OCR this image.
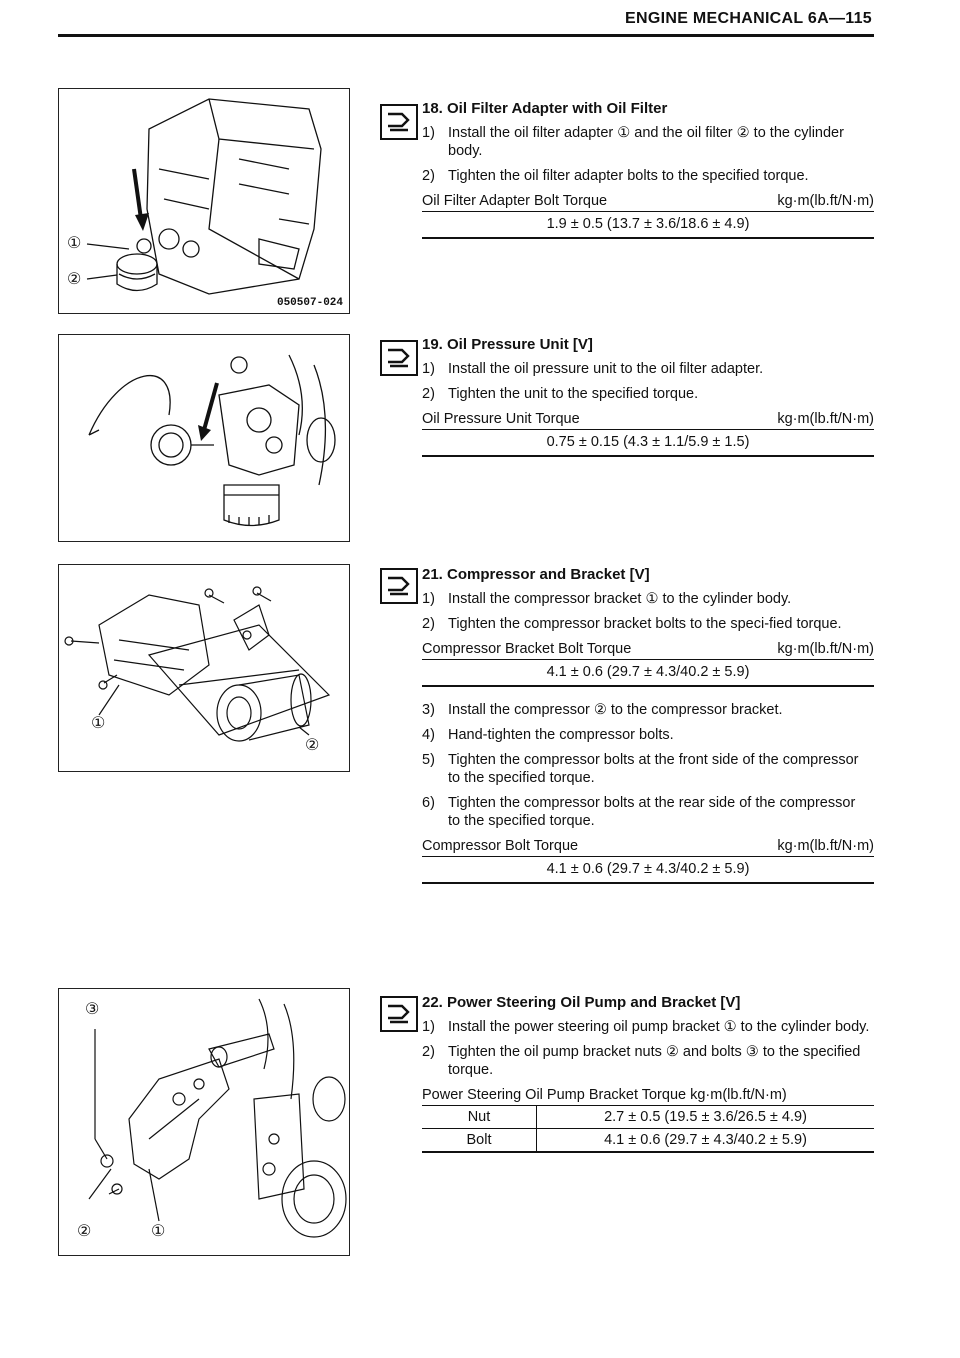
ENGINE MECHANICAL 6A—115
①
②
050507-024
①
②
③
②	①
18. Oil Filter Adapter with Oil Filter
1) Install the oil filter adapter ① and the oil filter ② to the cylinder body.
2) Tighten the oil filter adapter bolts to the specified torque.
Oil Filter Adapter Bolt Torque	kg·m(lb.ft/N·m)
1.9 ± 0.5 (13.7 ± 3.6/18.6 ± 4.9)
19. Oil Pressure Unit [V]
1) Install the oil pressure unit to the oil filter adapter.
2) Tighten the unit to the specified torque.
Oil Pressure Unit Torque	kg·m(lb.ft/N·m)
0.75 ± 0.15 (4.3 ± 1.1/5.9 ± 1.5)
21. Compressor and Bracket [V]
1) Install the compressor bracket ① to the cylinder body.
2) Tighten the compressor bracket bolts to the speci-fied torque.
Compressor Bracket Bolt Torque	kg·m(lb.ft/N·m)
4.1 ± 0.6 (29.7 ± 4.3/40.2 ± 5.9)
3) Install the compressor ② to the compressor bracket.
4) Hand-tighten the compressor bolts.
5) Tighten the compressor bolts at the front side of the compressor to the specified torque.
6) Tighten the compressor bolts at the rear side of the compressor to the specified torque.
Compressor Bolt Torque	kg·m(lb.ft/N·m)
4.1 ± 0.6 (29.7 ± 4.3/40.2 ± 5.9)
22. Power Steering Oil Pump and Bracket [V]
1) Install the power steering oil pump bracket ① to the cylinder body.
2) Tighten the oil pump bracket nuts ② and bolts ③ to the specified torque.
Power Steering Oil Pump Bracket Torque kg·m(lb.ft/N·m)
Nut	2.7 ± 0.5 (19.5 ± 3.6/26.5 ± 4.9)
Bolt	4.1 ± 0.6 (29.7 ± 4.3/40.2 ± 5.9)
